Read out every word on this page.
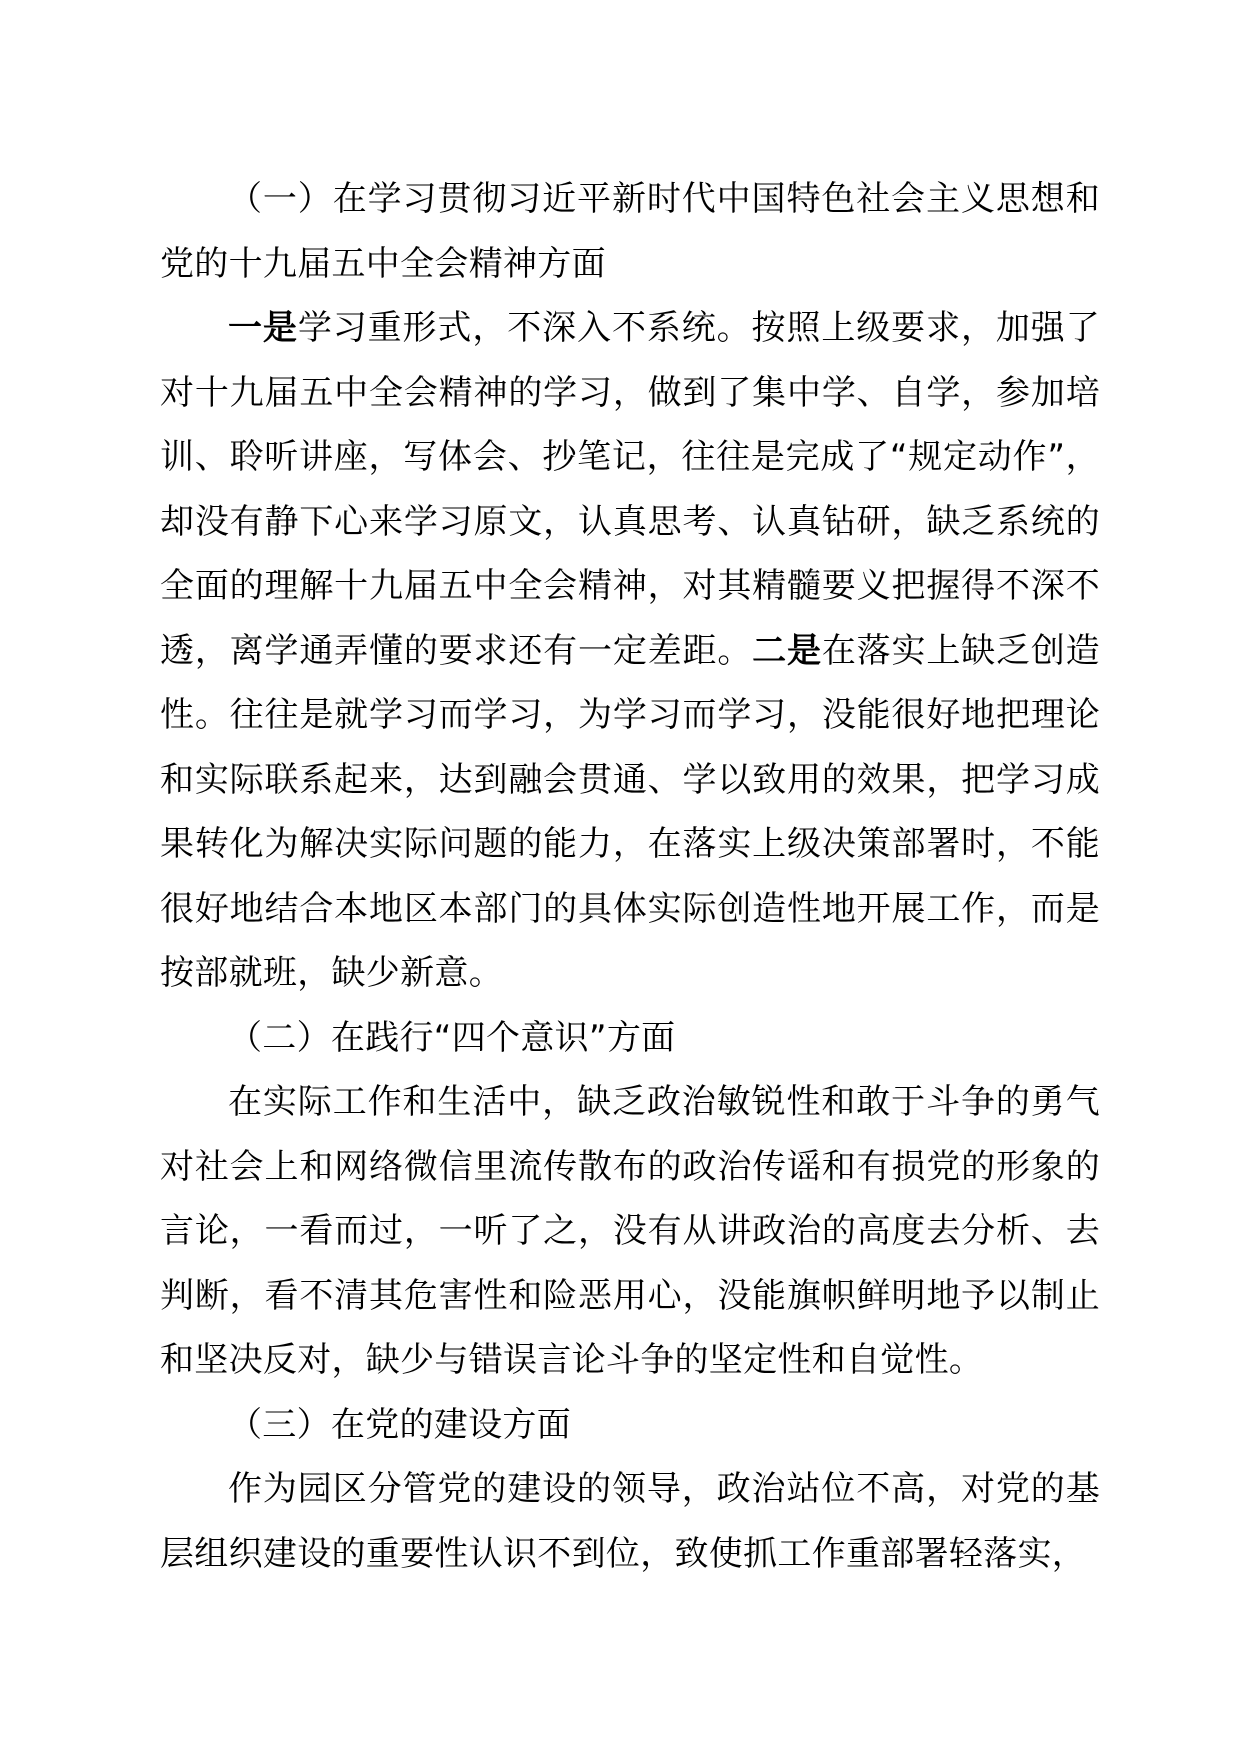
（一）在学习贯彻习近平新时代中国特色社会主义思想和党的十九届五中全会精神方面

一是学习重形式，不深入不系统。按照上级要求，加强了对十九届五中全会精神的学习，做到了集中学、自学，参加培训、聆听讲座，写体会、抄笔记，往往是完成了“规定动作”，却没有静下心来学习原文，认真思考、认真钻研，缺乏系统的全面的理解十九届五中全会精神，对其精髓要义把握得不深不透，离学通弄懂的要求还有一定差距。二是在落实上缺乏创造性。往往是就学习而学习，为学习而学习，没能很好地把理论和实际联系起来，达到融会贯通、学以致用的效果，把学习成果转化为解决实际问题的能力，在落实上级决策部署时，不能很好地结合本地区本部门的具体实际创造性地开展工作，而是按部就班，缺少新意。

（二）在践行“四个意识”方面

在实际工作和生活中，缺乏政治敏锐性和敢于斗争的勇气对社会上和网络微信里流传散布的政治传谣和有损党的形象的言论，一看而过，一听了之，没有从讲政治的高度去分析、去判断，看不清其危害性和险恶用心，没能旗帜鲜明地予以制止和坚决反对，缺少与错误言论斗争的坚定性和自觉性。

（三）在党的建设方面

作为园区分管党的建设的领导，政治站位不高，对党的基层组织建设的重要性认识不到位，致使抓工作重部署轻落实，
